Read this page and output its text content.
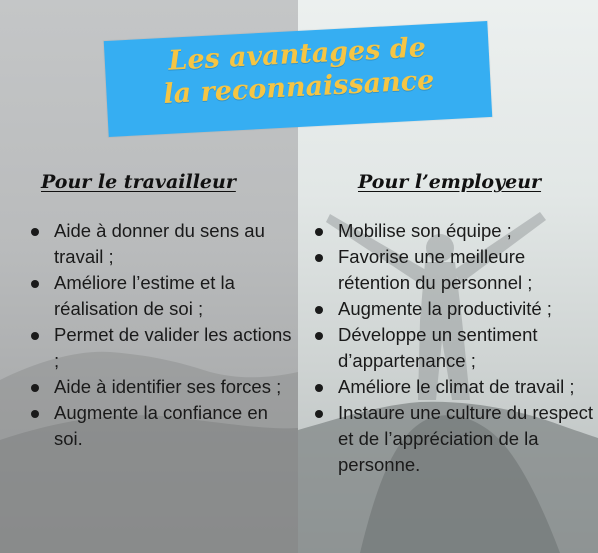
Les avantages de
la reconnaissance
Pour le travailleur	Pour l’employeur
Aide à donner du sens au travail ;
Améliore l’estime et la réalisation de soi ;
Permet de valider les actions ;
Aide à identifier ses forces ;
Augmente la confiance en soi.
Mobilise son équipe ;
Favorise une meilleure rétention du personnel ;
Augmente la productivité ;
Développe un sentiment d’appartenance ;
Améliore le climat de travail ;
Instaure une culture du respect et de l’appréciation de la personne.
